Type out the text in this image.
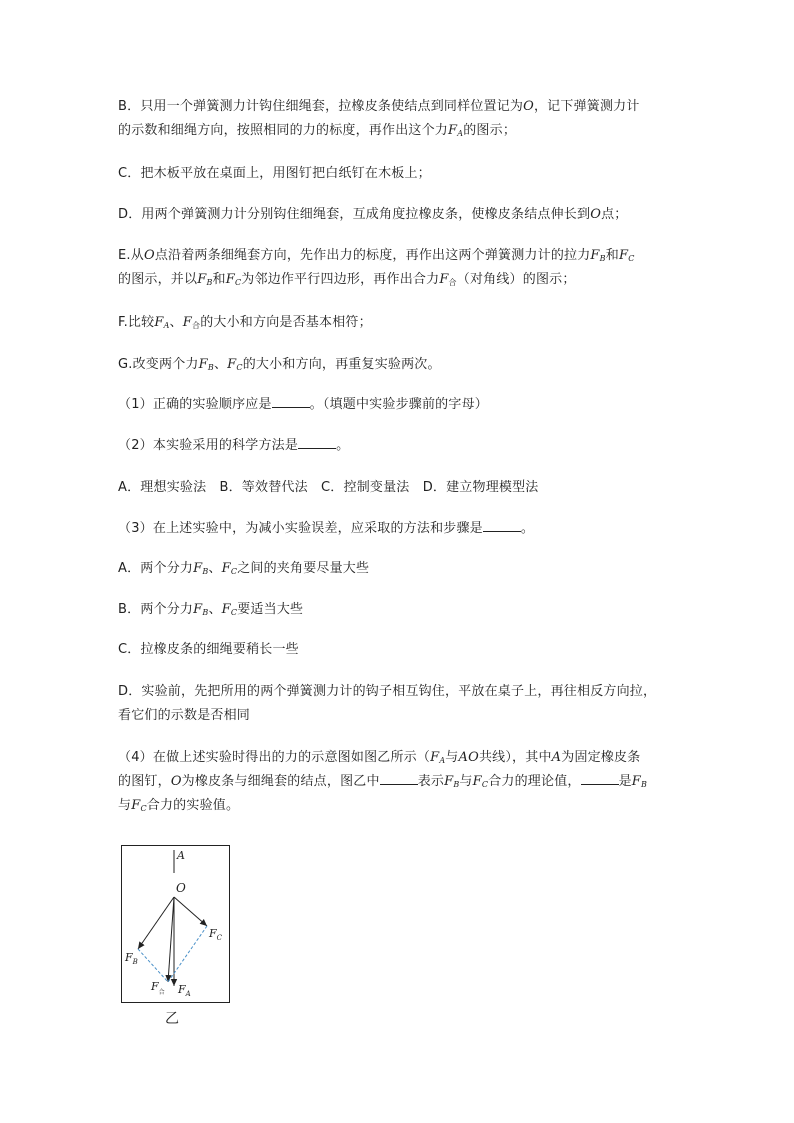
B．只用一个弹簧测力计钩住细绳套，拉橡皮条使结点到同样位置记为O，记下弹簧测力计
的示数和细绳方向，按照相同的力的标度，再作出这个力$F_A$的图示；
C．把木板平放在桌面上，用图钉把白纸钉在木板上；
D．用两个弹簧测力计分别钩住细绳套，互成角度拉橡皮条，使橡皮条结点伸长到O点；
E.从O点沿着两条细绳套方向，先作出力的标度，再作出这两个弹簧测力计的拉力$F_B$和$F_C$
的图示，并以$F_B$和$F_C$为邻边作平行四边形，再作出合力$F_合$（对角线）的图示；
F.比较$F_A$、$F_合$的大小和方向是否基本相符；
G.改变两个力$F_B$、$F_C$的大小和方向，再重复实验两次。
（1）正确的实验顺序应是	。（填题中实验步骤前的字母）
（2）本实验采用的科学方法是	。
A．理想实验法　B．等效替代法　C．控制变量法　D．建立物理模型法
（3）在上述实验中，为减小实验误差，应采取的方法和步骤是	。
A．两个分力$F_B$、$F_C$之间的夹角要尽量大些
B．两个分力$F_B$、$F_C$要适当大些
C．拉橡皮条的细绳要稍长一些
D．实验前，先把所用的两个弹簧测力计的钩子相互钩住，平放在桌子上，再往相反方向拉，
看它们的示数是否相同
（4）在做上述实验时得出的力的示意图如图乙所示（$F_A$与AO共线），其中A为固定橡皮条
的图钉，O为橡皮条与细绳套的结点，图乙中	表示$F_B$与$F_C$合力的理论值，	是$F_B$
与$F_C$合力的实验值。
A
O
$F_B$
$F_C$
$F_合$ $F_A$
乙
